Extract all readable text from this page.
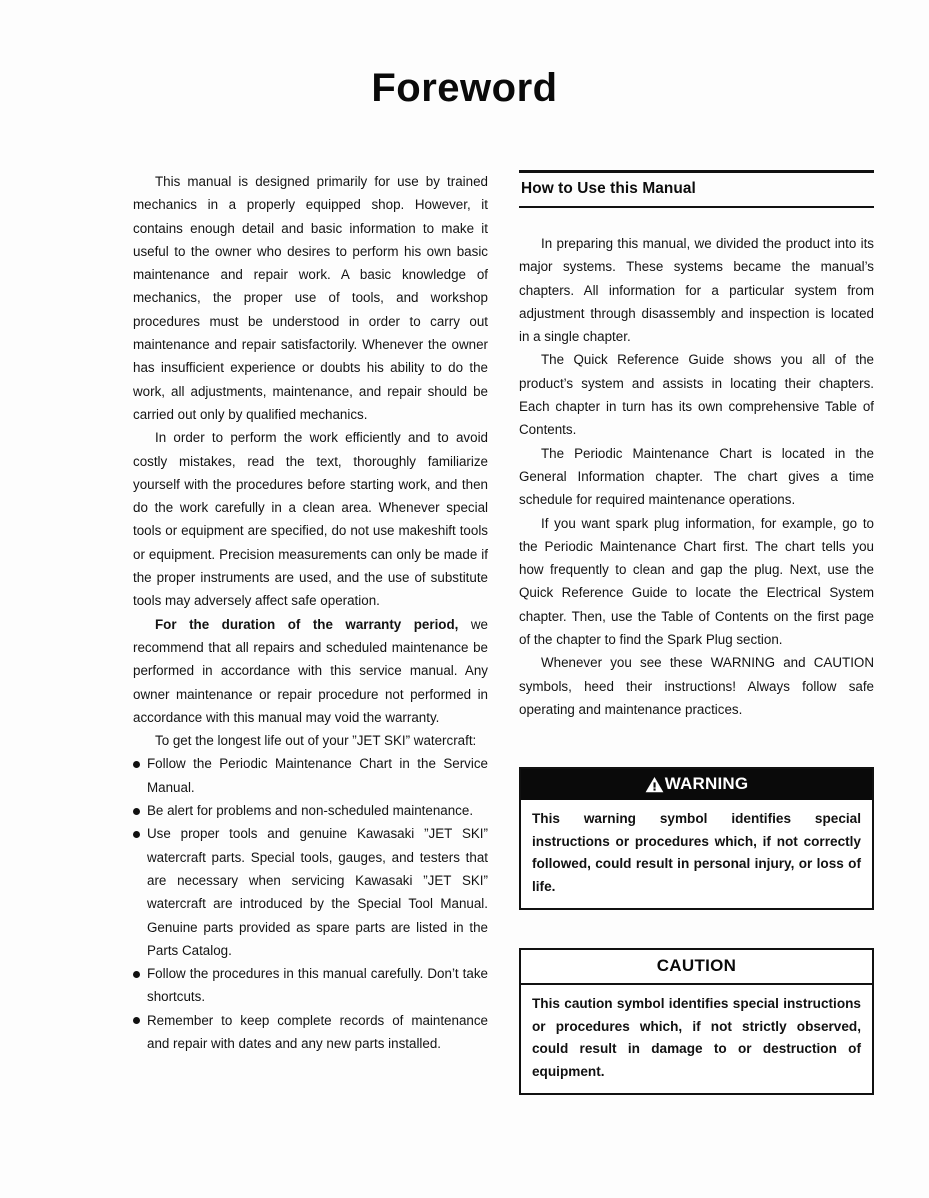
Foreword

This manual is designed primarily for use by trained mechanics in a properly equipped shop. However, it contains enough detail and basic information to make it useful to the owner who desires to perform his own basic maintenance and repair work. A basic knowledge of mechanics, the proper use of tools, and workshop procedures must be understood in order to carry out maintenance and repair satisfactorily. Whenever the owner has insufficient experience or doubts his ability to do the work, all adjustments, maintenance, and repair should be carried out only by qualified mechanics.

In order to perform the work efficiently and to avoid costly mistakes, read the text, thoroughly familiarize yourself with the procedures before starting work, and then do the work carefully in a clean area. Whenever special tools or equipment are specified, do not use makeshift tools or equipment. Precision measurements can only be made if the proper instruments are used, and the use of substitute tools may adversely affect safe operation.

For the duration of the warranty period, we recommend that all repairs and scheduled maintenance be performed in accordance with this service manual. Any owner maintenance or repair procedure not performed in accordance with this manual may void the warranty.

To get the longest life out of your ”JET SKI” watercraft:

Follow the Periodic Maintenance Chart in the Service Manual.
Be alert for problems and non-scheduled maintenance.
Use proper tools and genuine Kawasaki ”JET SKI” watercraft parts. Special tools, gauges, and testers that are necessary when servicing Kawasaki ”JET SKI” watercraft are introduced by the Special Tool Manual. Genuine parts provided as spare parts are listed in the Parts Catalog.
Follow the procedures in this manual carefully. Don’t take shortcuts.
Remember to keep complete records of maintenance and repair with dates and any new parts installed.
How to Use this Manual

In preparing this manual, we divided the product into its major systems. These systems became the manual’s chapters. All information for a particular system from adjustment through disassembly and inspection is located in a single chapter.

The Quick Reference Guide shows you all of the product’s system and assists in locating their chapters. Each chapter in turn has its own comprehensive Table of Contents.

The Periodic Maintenance Chart is located in the General Information chapter. The chart gives a time schedule for required maintenance operations.

If you want spark plug information, for example, go to the Periodic Maintenance Chart first. The chart tells you how frequently to clean and gap the plug. Next, use the Quick Reference Guide to locate the Electrical System chapter. Then, use the Table of Contents on the first page of the chapter to find the Spark Plug section.

Whenever you see these WARNING and CAUTION symbols, heed their instructions! Always follow safe operating and maintenance practices.

WARNING
This warning symbol identifies special instructions or procedures which, if not correctly followed, could result in personal injury, or loss of life.
CAUTION
This caution symbol identifies special instructions or procedures which, if not strictly observed, could result in damage to or destruction of equipment.
